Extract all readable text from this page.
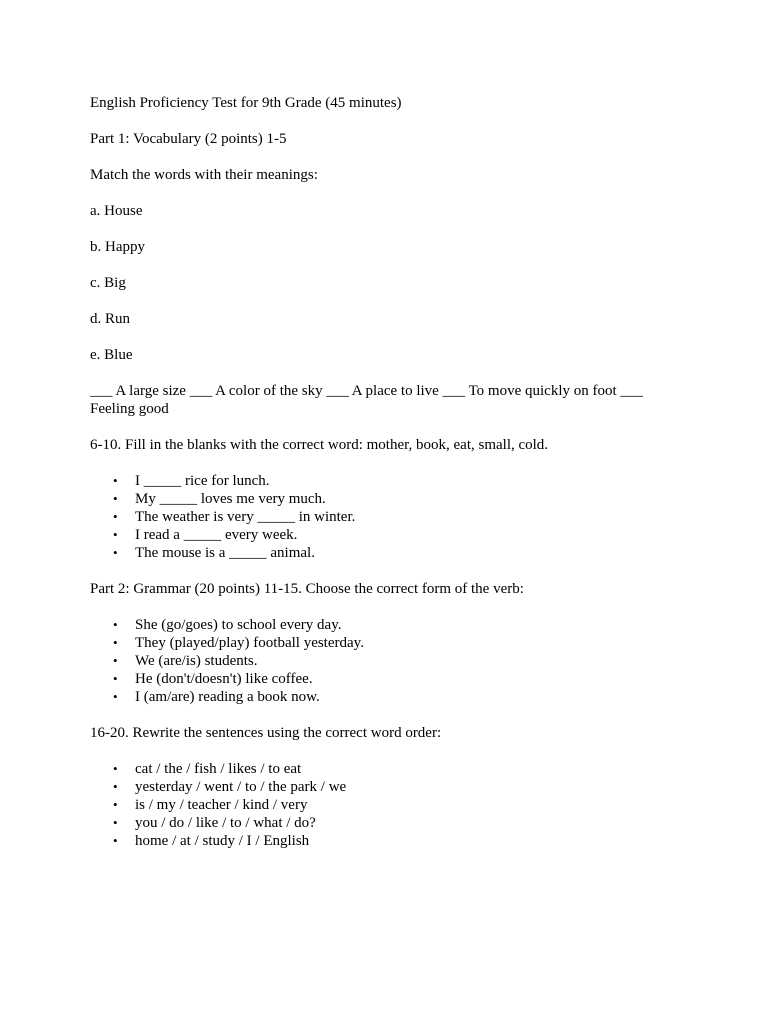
English Proficiency Test for 9th Grade (45 minutes)

Part 1: Vocabulary (2 points) 1-5

Match the words with their meanings:

a. House

b. Happy

c. Big

d. Run

e. Blue

___ A large size ___ A color of the sky ___ A place to live ___ To move quickly on foot ___ Feeling good

6-10. Fill in the blanks with the correct word: mother, book, eat, small, cold.

• I _____ rice for lunch.
• My _____ loves me very much.
• The weather is very _____ in winter.
• I read a _____ every week.
• The mouse is a _____ animal.

Part 2: Grammar (20 points) 11-15. Choose the correct form of the verb:

• She (go/goes) to school every day.
• They (played/play) football yesterday.
• We (are/is) students.
• He (don't/doesn't) like coffee.
• I (am/are) reading a book now.

16-20. Rewrite the sentences using the correct word order:

• cat / the / fish / likes / to eat
• yesterday / went / to / the park / we
• is / my / teacher / kind / very
• you / do / like / to / what / do?
• home / at / study / I / English
